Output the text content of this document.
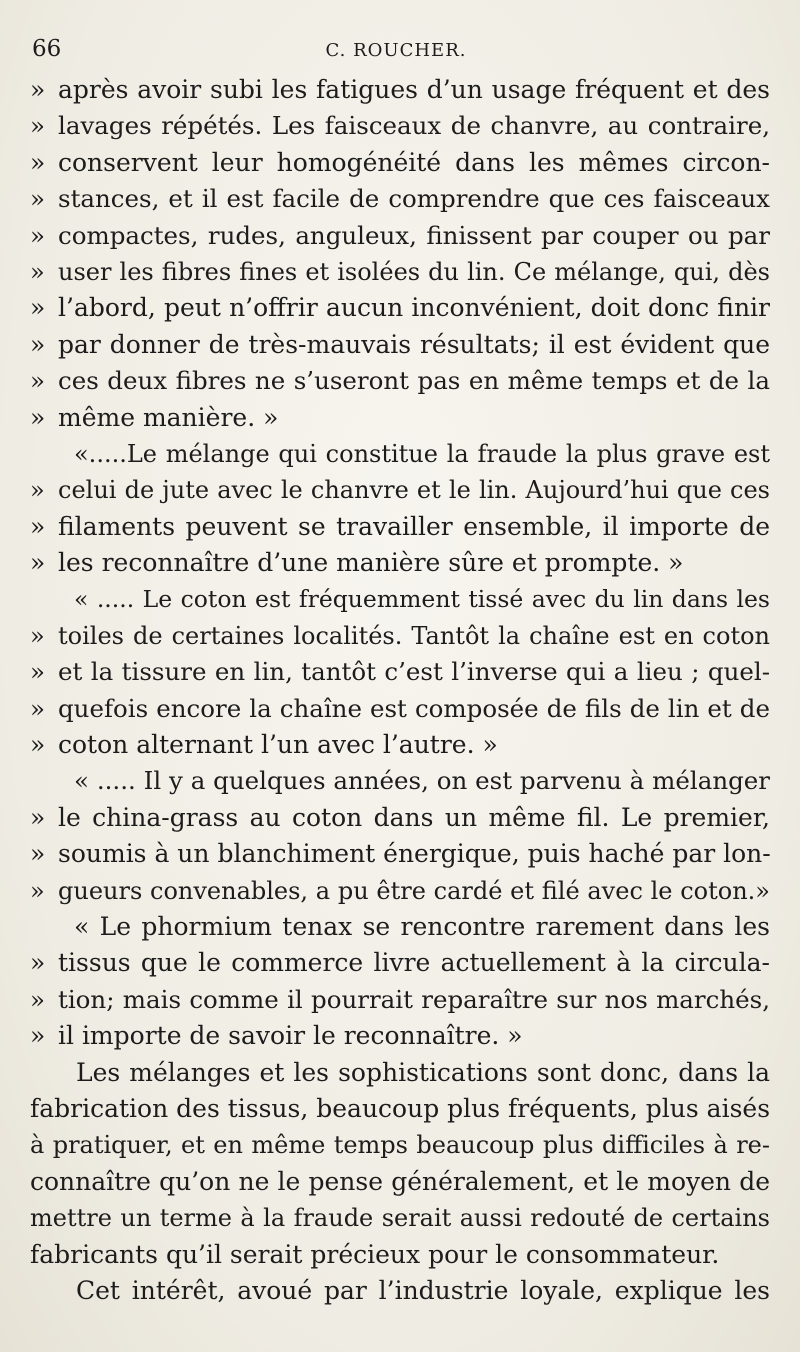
66	C. ROUCHER.
» après avoir subi les fatigues d’un usage fréquent et des
» lavages répétés. Les faisceaux de chanvre, au contraire,
» conservent leur homogénéité dans les mêmes circon-
» stances, et il est facile de comprendre que ces faisceaux
» compactes, rudes, anguleux, finissent par couper ou par
» user les fibres fines et isolées du lin. Ce mélange, qui, dès
» l’abord, peut n’offrir aucun inconvénient, doit donc finir
» par donner de très-mauvais résultats; il est évident que
» ces deux fibres ne s’useront pas en même temps et de la
» même manière. »
«.....Le mélange qui constitue la fraude la plus grave est
» celui de jute avec le chanvre et le lin. Aujourd’hui que ces
» filaments peuvent se travailler ensemble, il importe de
» les reconnaître d’une manière sûre et prompte. »
« ..... Le coton est fréquemment tissé avec du lin dans les
» toiles de certaines localités. Tantôt la chaîne est en coton
» et la tissure en lin, tantôt c’est l’inverse qui a lieu ; quel-
» quefois encore la chaîne est composée de fils de lin et de
» coton alternant l’un avec l’autre. »
« ..... Il y a quelques années, on est parvenu à mélanger
» le china-grass au coton dans un même fil. Le premier,
» soumis à un blanchiment énergique, puis haché par lon-
» gueurs convenables, a pu être cardé et filé avec le coton.»
« Le phormium tenax se rencontre rarement dans les
» tissus que le commerce livre actuellement à la circula-
» tion; mais comme il pourrait reparaître sur nos marchés,
» il importe de savoir le reconnaître. »
Les mélanges et les sophistications sont donc, dans la
fabrication des tissus, beaucoup plus fréquents, plus aisés
à pratiquer, et en même temps beaucoup plus difficiles à re-
connaître qu’on ne le pense généralement, et le moyen de
mettre un terme à la fraude serait aussi redouté de certains
fabricants qu’il serait précieux pour le consommateur.
Cet intérêt, avoué par l’industrie loyale, explique les
